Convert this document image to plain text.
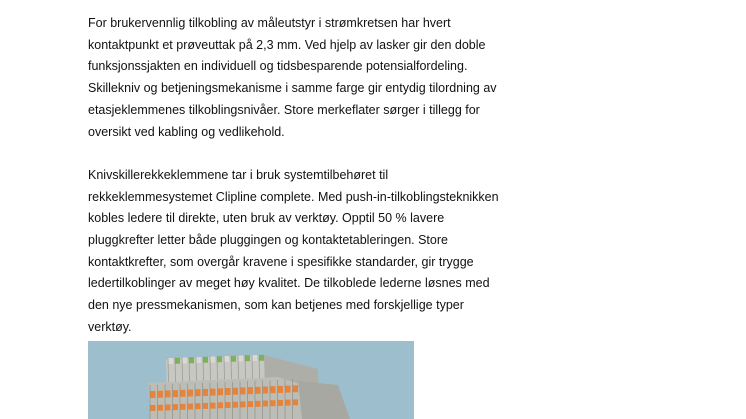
For brukervennlig tilkobling av måleutstyr i strømkretsen har hvert
kontaktpunkt et prøveuttak på 2,3 mm. Ved hjelp av lasker gir den doble
funksjonssjakten en individuell og tidsbesparende potensialfordeling.
Skillekniv og betjeningsmekanisme i samme farge gir entydig tilordning av
etasjeklemmenes tilkoblingsnivåer. Store merkeflater sørger i tillegg for
oversikt ved kabling og vedlikehold.

Knivskillerekkeklemmene tar i bruk systemtilbehøret til
rekkeklemmesystemet Clipline complete. Med push-in-tilkoblingsteknikken
kobles ledere til direkte, uten bruk av verktøy. Opptil 50 % lavere
pluggkrefter letter både pluggingen og kontaktetableringen. Store
kontaktkrefter, som overgår kravene i spesifikke standarder, gir trygge
ledertilkoblinger av meget høy kvalitet. De tilkoblede lederne løsnes med
den nye pressmekanismen, som kan betjenes med forskjellige typer
verktøy.
